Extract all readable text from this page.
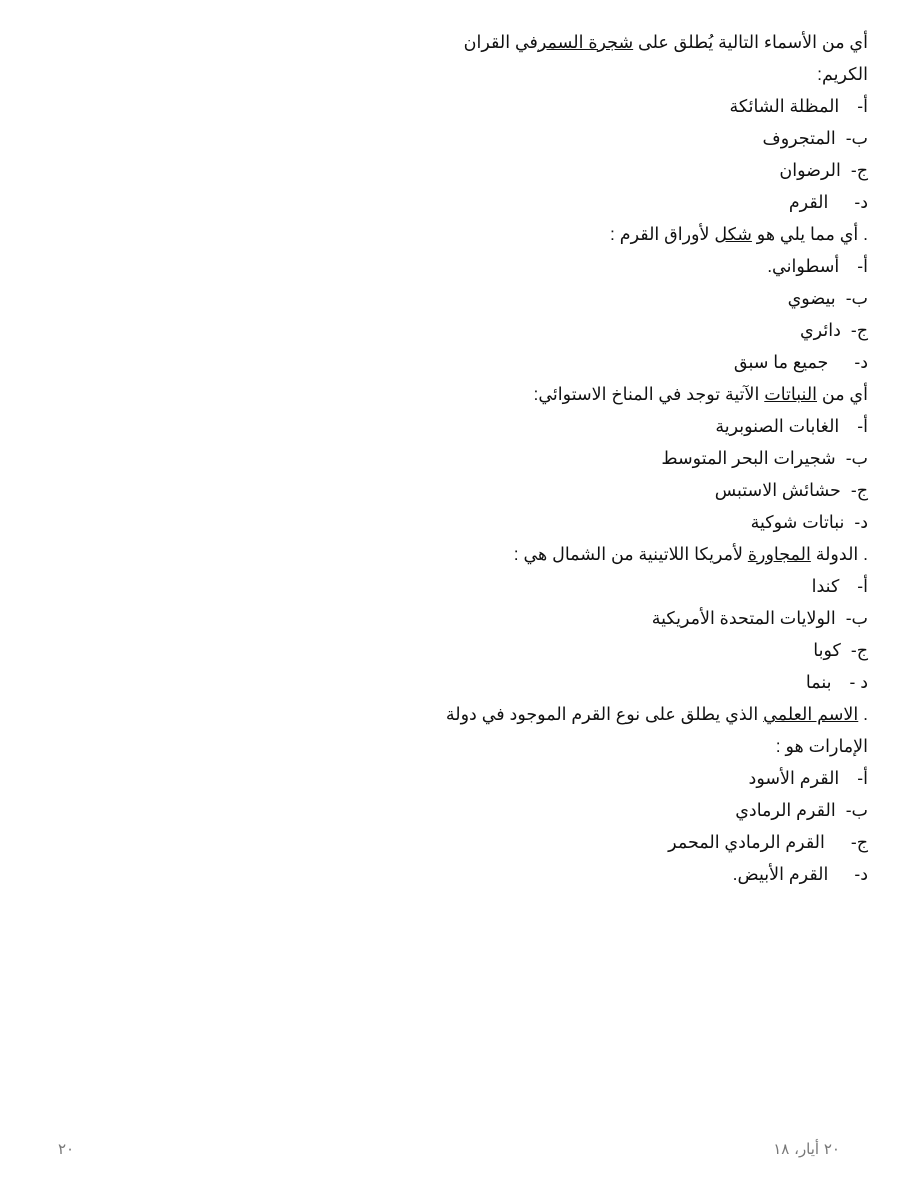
أي من الأسماء التالية يُطلق على شجرة السمرفي القران الكريم:

أ-المظلة الشائكة

ب-المتجروف

ج-الرضوان

د-القرم

. أي مما يلي هو شكل لأوراق القرم :

أ-أسطواني.

ب-بيضوي

ج-دائري

د-جميع ما سبق

أي من النباتات الآتية توجد في المناخ الاستوائي:

أ-الغابات الصنوبرية

ب-شجيرات البحر المتوسط

ج-حشائش الاستبس

د-نباتات شوكية

. الدولة المجاورة لأمريكا اللاتينية من الشمال هي :

أ-كندا

ب-الولايات المتحدة الأمريكية

ج-كوبا

د -بنما

. الاسم العلمي الذي يطلق على نوع القرم الموجود في دولة الإمارات هو :

أ-القرم الأسود

ب-القرم الرمادي

ج-القرم الرمادي المحمر

د-القرم الأبيض.

٢٠ أيار، ١٨
٢٠
